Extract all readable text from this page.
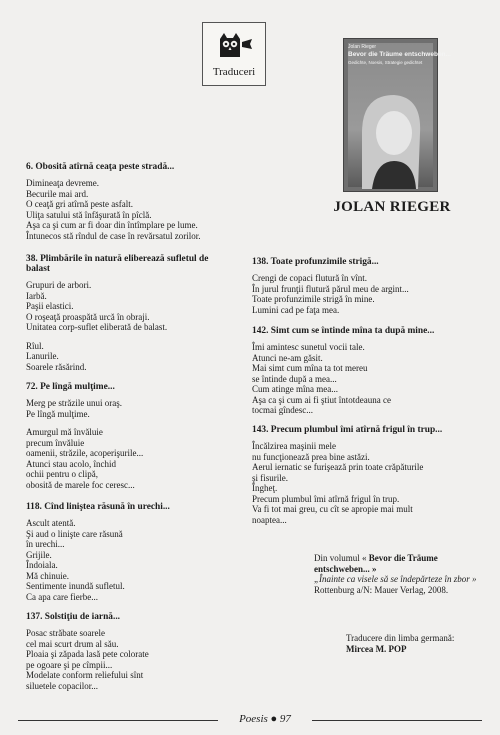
Traduceri
Jolan Rieger
Bevor die Träume entschweben...
Gedichte, Noesis, Strategie gedichtet
JOLAN RIEGER
6. Obosită atîrnă ceaţa peste stradă...

Dimineaţa devreme.

Becurile mai ard.

O ceaţă gri atîrnă peste asfalt.

Uliţa satului stă înfăşurată în pîclă.

Aşa ca şi cum ar fi doar din întîmplare pe lume.

Întunecos stă rîndul de case în revărsatul zorilor.

38. Plimbările în natură eliberează sufletul de balast

Grupuri de arbori.

Iarbă.

Paşii elastici.

O roşeaţă proaspătă urcă în obraji.

Unitatea corp-suflet eliberată de balast.

Rîul.

Lanurile.

Soarele răsărind.

72. Pe lîngă mulţime...

Merg pe străzile unui oraş.

Pe lîngă mulţime.

Amurgul mă învăluie

precum învăluie

oamenii, străzile, acoperişurile...

Atunci stau acolo, închid

ochii pentru o clipă,

obosită de marele foc ceresc...

118. Cînd liniştea răsună în urechi...

Ascult atentă.

Şi aud o linişte care răsună

în urechi...

Grijile.

Îndoiala.

Mă chinuie.

Sentimente inundă sufletul.

Ca apa care fierbe...

137. Solstiţiu de iarnă...

Posac străbate soarele

cel mai scurt drum al său.

Ploaia şi zăpada lasă pete colorate

pe ogoare şi pe cîmpii...

Modelate conform reliefului sînt

siluetele copacilor...

138. Toate profunzimile strigă...

Crengi de copaci flutură în vînt.

În jurul frunţii flutură părul meu de argint...

Toate profunzimile strigă în mine.

Lumini cad pe faţa mea.

142. Simt cum se întinde mîna ta după mine...

Îmi amintesc sunetul vocii tale.

Atunci ne-am găsit.

Mai simt cum mîna ta tot mereu

se întinde după a mea...

Cum atinge mîna mea...

Aşa ca şi cum ai fi ştiut întotdeauna ce

tocmai gîndesc...

143. Precum plumbul îmi atîrnă frigul în trup...

Încălzirea maşinii mele

nu funcţionează prea bine astăzi.

Aerul iernatic se furişează prin toate crăpăturile

şi fisurile.

Îngheţ.

Precum plumbul îmi atîrnă frigul în trup.

Va fi tot mai greu, cu cît se apropie mai mult

noaptea...

Din volumul « Bevor die Träume entschweben... »
„Înainte ca visele să se îndepărteze în zbor »
Rottenburg a/N: Mauer Verlag, 2008.
Traducere din limba germană:
Mircea M. POP
Poesis ● 97
